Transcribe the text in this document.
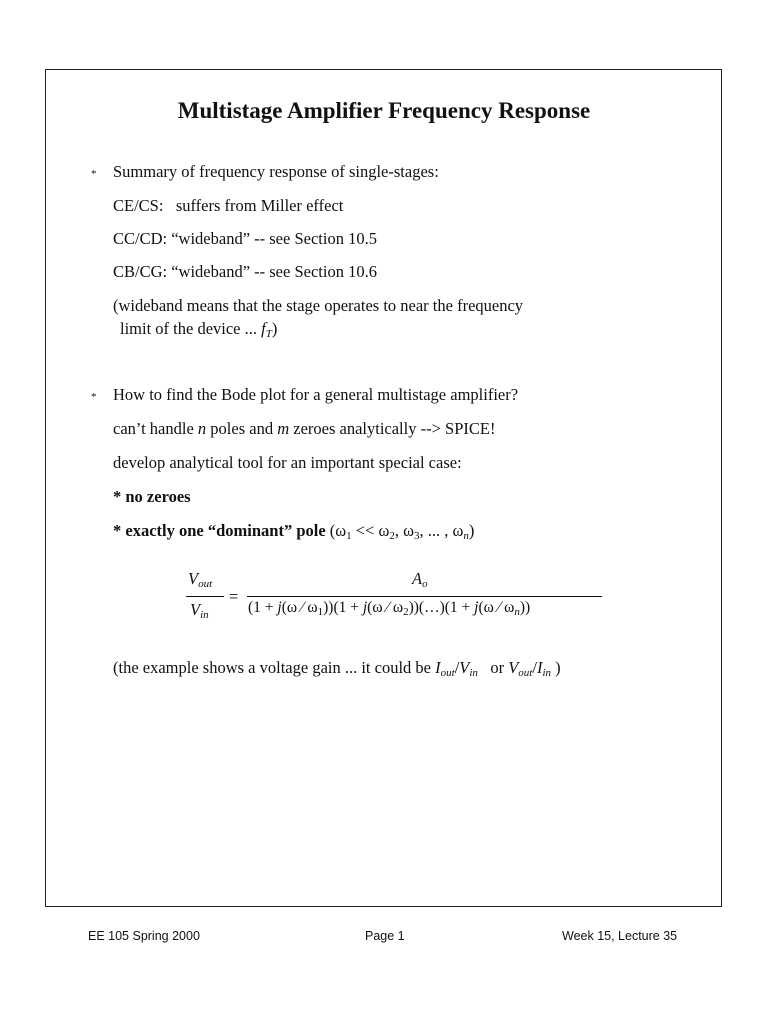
Multistage Amplifier Frequency Response
* Summary of frequency response of single-stages:
CE/CS: suffers from Miller effect
CC/CD: “wideband” -- see Section 10.5
CB/CG: “wideband” -- see Section 10.6
(wideband means that the stage operates to near the frequency
limit of the device ... $f_T$)
* How to find the Bode plot for a general multistage amplifier?
can’t handle n poles and m zeroes analytically --> SPICE!
develop analytical tool for an important special case:
* no zeroes
* exactly one “dominant” pole ($\omega_1 << \omega_2$, $\omega_3$, ... , $\omega_n$)
$V_{out}$
$V_{in}$
=
$A_o$
(1 + j(ω ⁄ $\omega_1))(1 + j(\omega$ ⁄ $\omega_2))(\dots)(1 + j(\omega$ ⁄ $\omega_n$))
(the example shows a voltage gain ... it could be $I_{out}/V_{in}$   or $V_{out}/I_{in}$ )
EE 105 Spring 2000	Page 1	Week 15, Lecture 35
